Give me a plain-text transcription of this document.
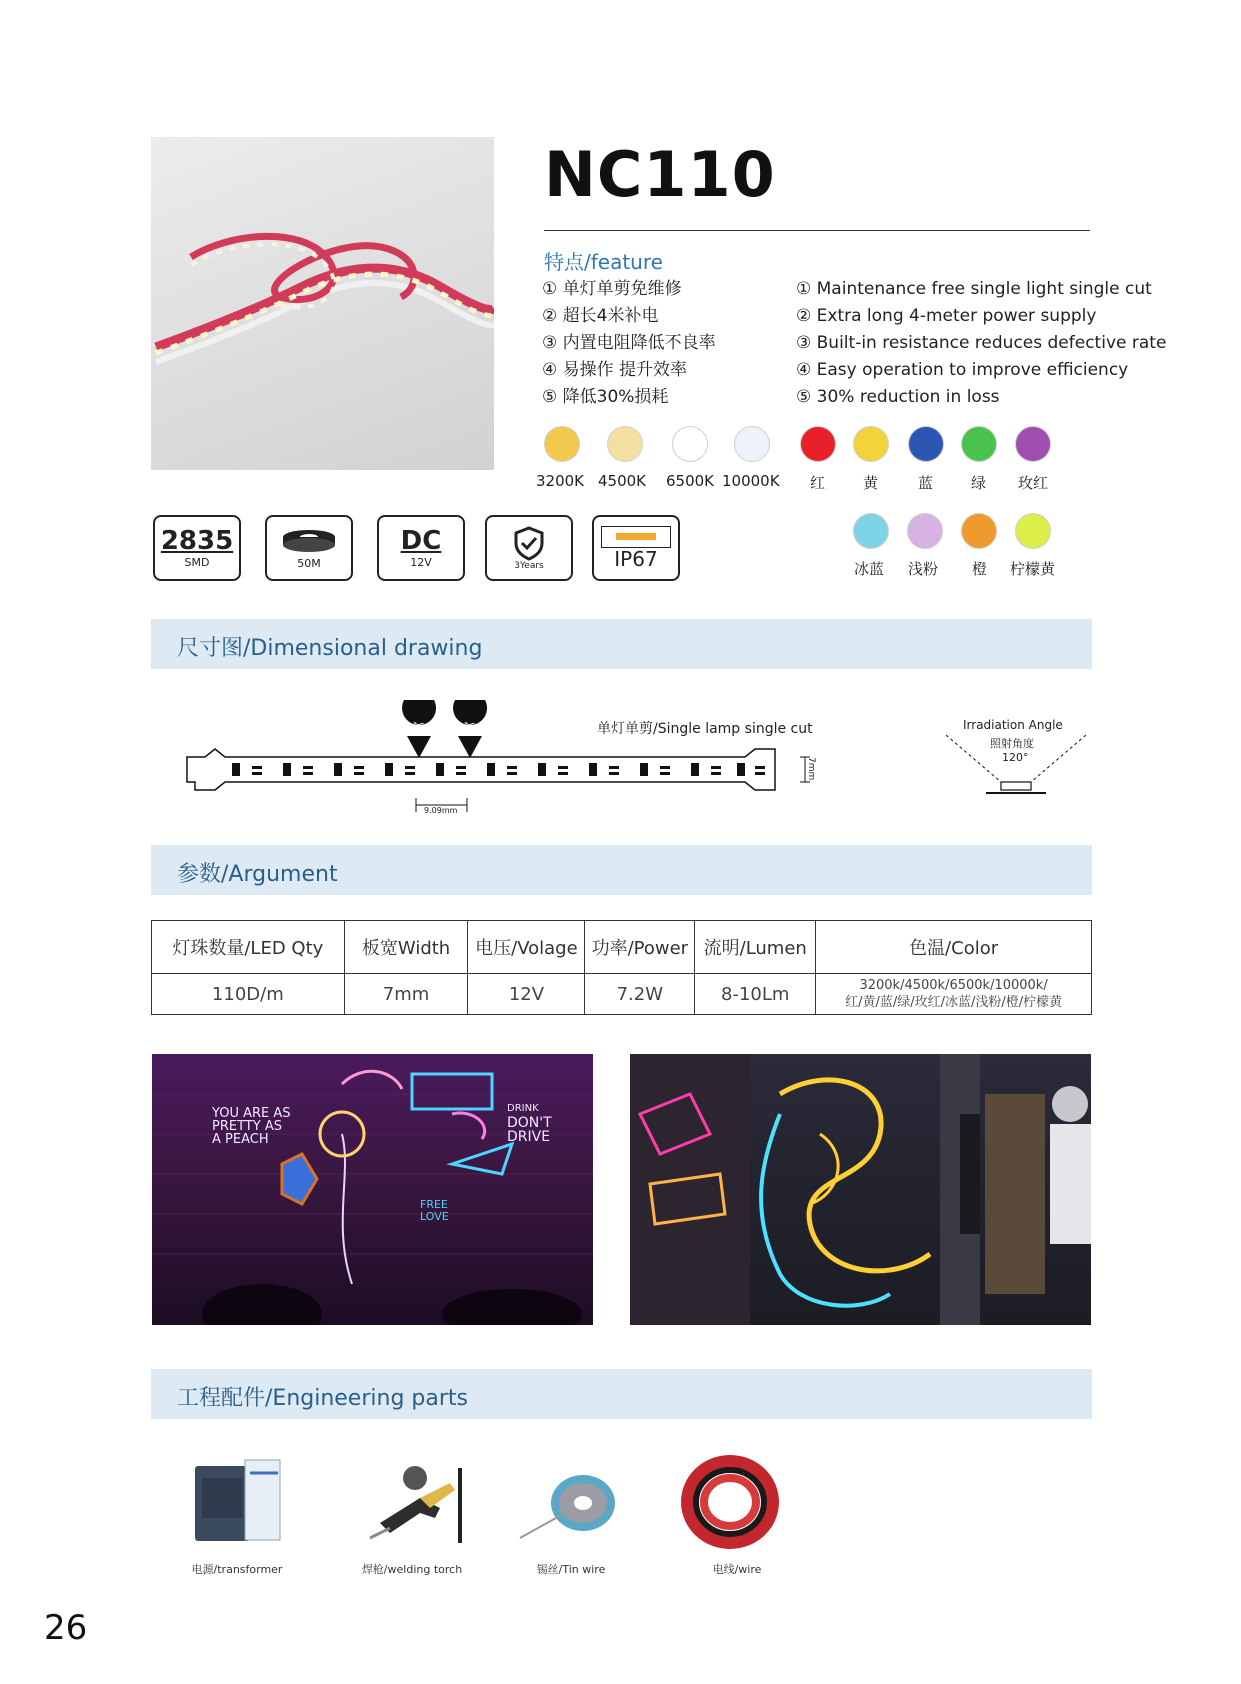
NC110
特点/feature
① 单灯单剪免维修
② 超长4米补电
③ 内置电阻降低不良率
④ 易操作 提升效率
⑤ 降低30%损耗
① Maintenance free single light single cut
② Extra long 4-meter power supply
③ Built-in resistance reduces defective rate
④ Easy operation to improve efficiency
⑤ 30% reduction in loss
3200K 4500K 6500K 10000K 红	黄	蓝	绿 玫红
冰蓝 浅粉 橙 柠檬黄
2835
SMD	50M
DC
12V	3Years	IP67
尺寸图/Dimensional drawing
✂	✂	单灯单剪/Single lamp single cut
7mm
9.09mm
Irradiation Angle
照射角度
120°
参数/Argument
灯珠数量/LED Qty	板宽Width	电压/Volage	功率/Power	流明/Lumen	色温/Color
110D/m	7mm	12V	7.2W	8-10Lm	3200k/4500k/6500k/10000k/
红/黄/蓝/绿/玫红/冰蓝/浅粉/橙/柠檬黄
YOU ARE AS
PRETTY AS
A PEACH
DRINK
DON'T
DRIVE
FREE
LOVE
工程配件/Engineering parts
电源/transformer	焊枪/welding torch	锡丝/Tin wire	电线/wire
26
